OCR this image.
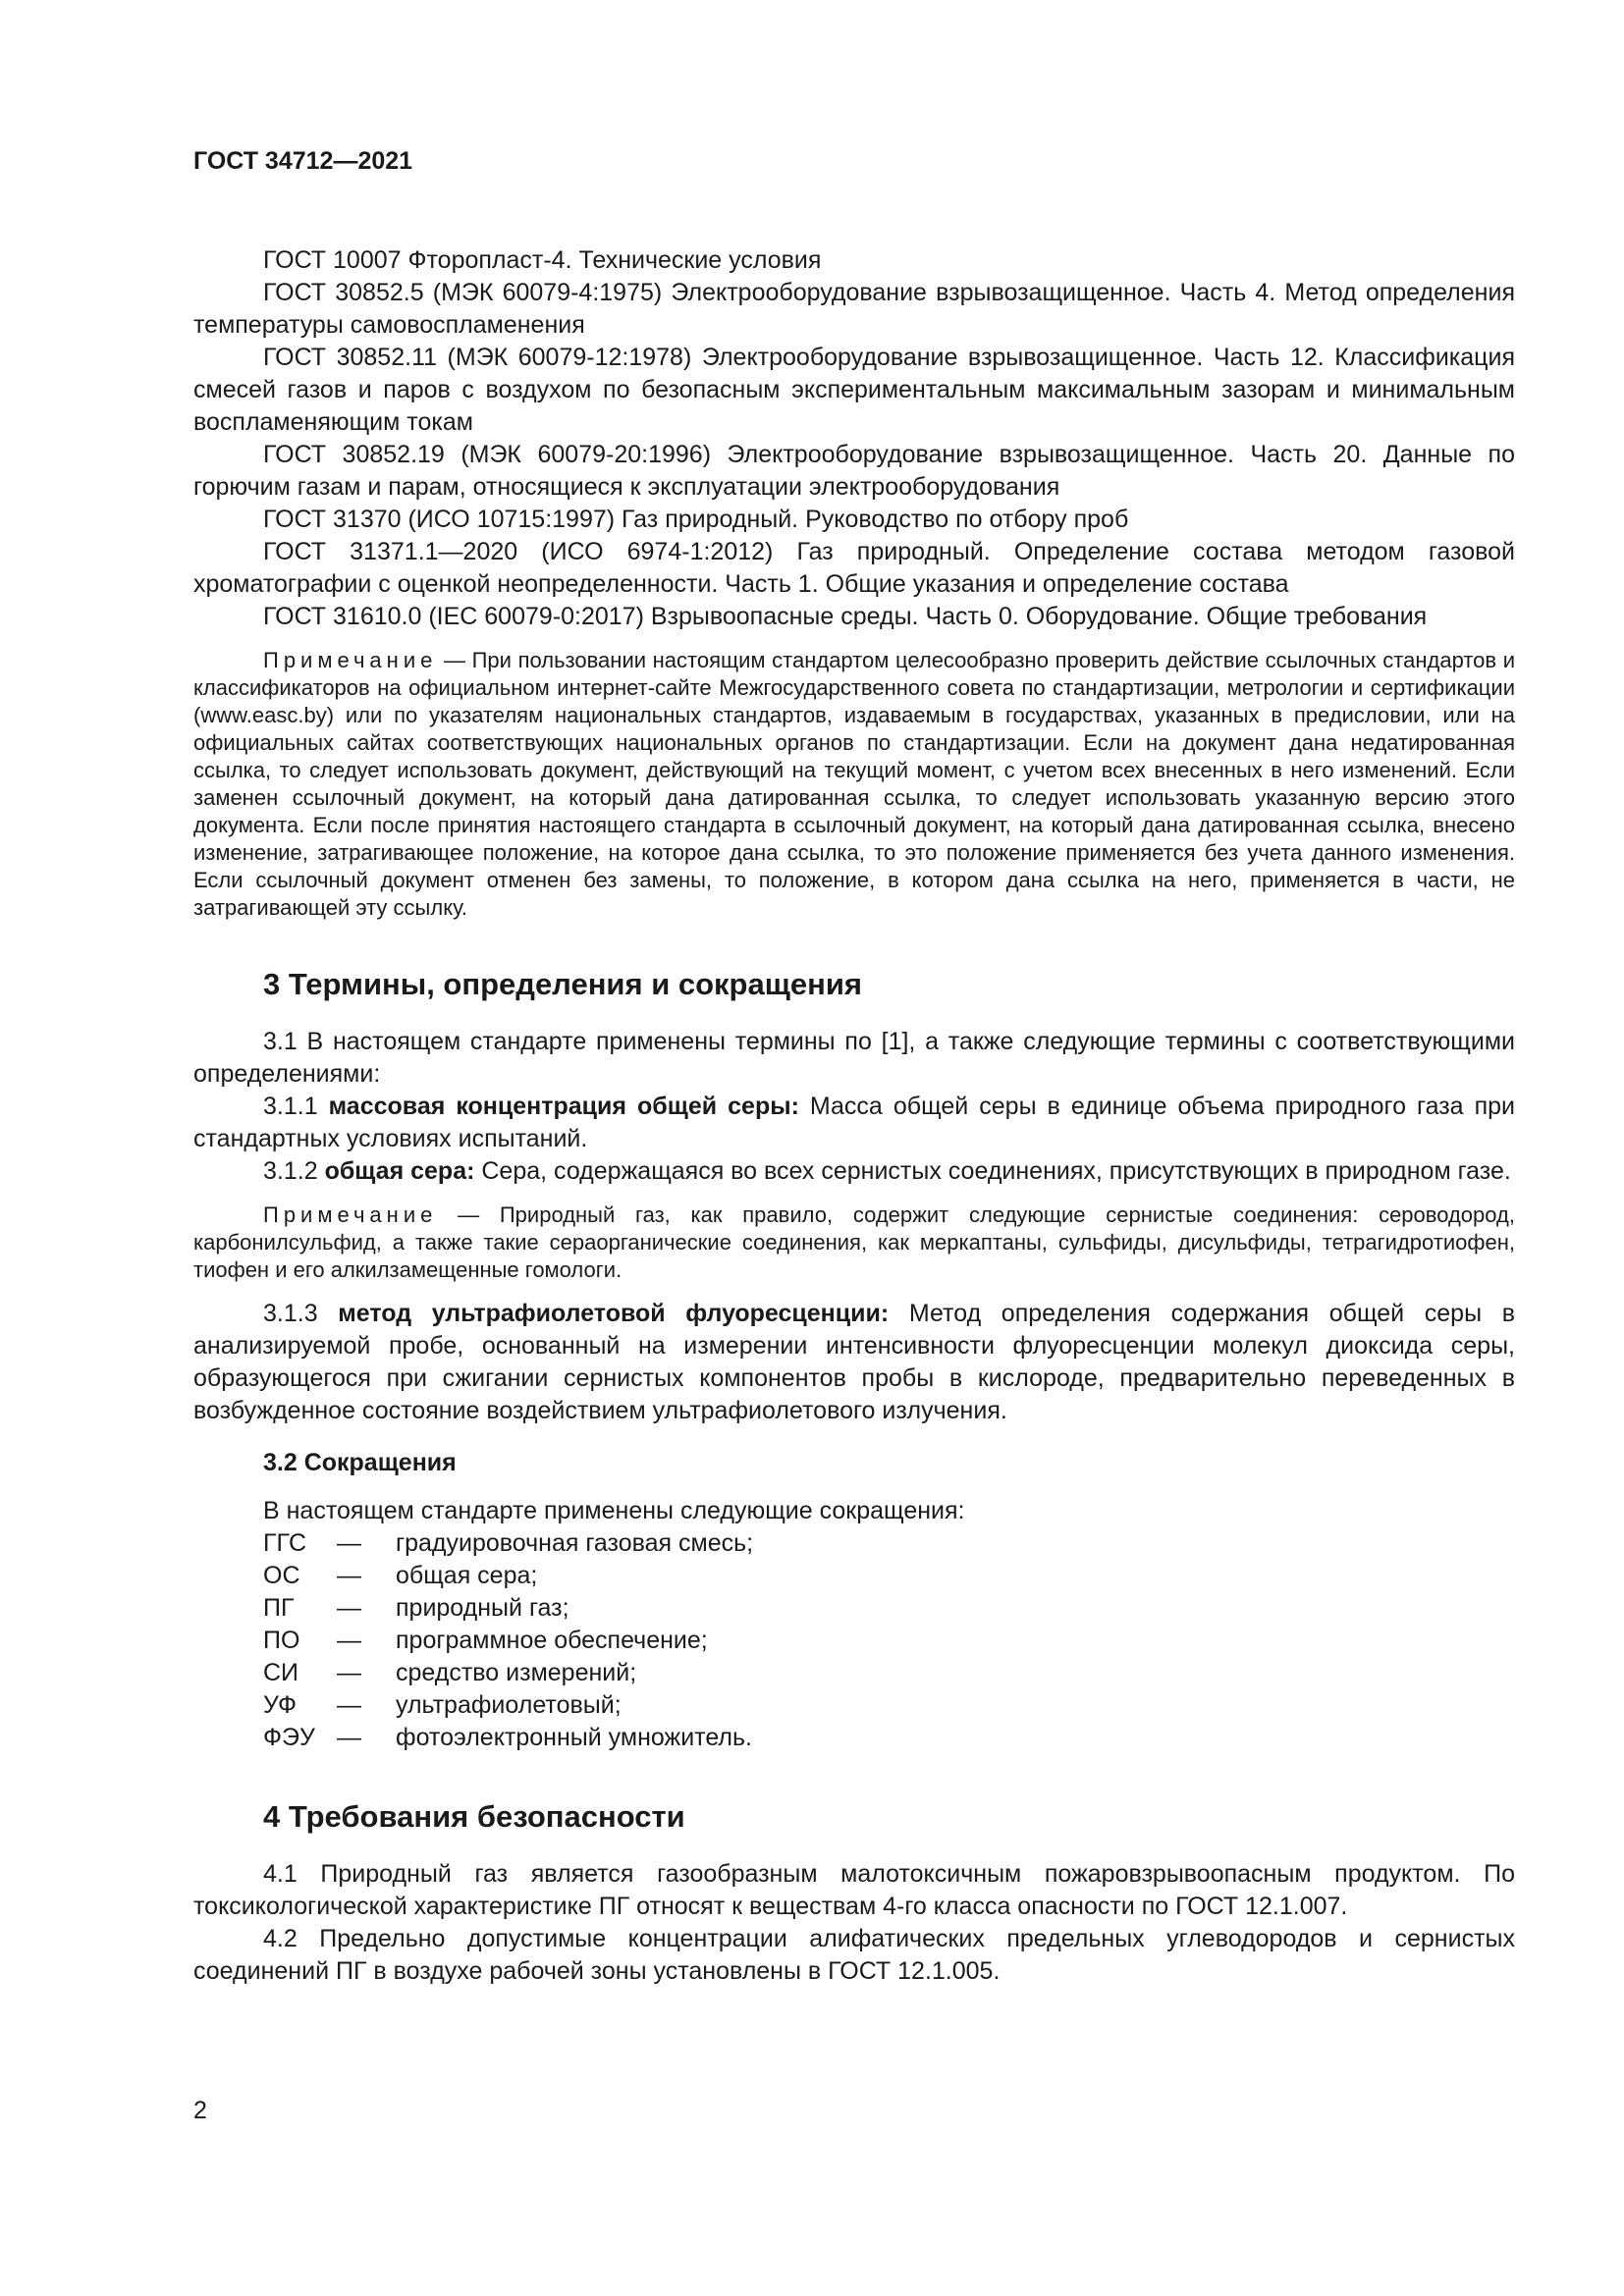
ГОСТ 34712—2021

ГОСТ 10007 Фторопласт-4. Технические условия

ГОСТ 30852.5 (МЭК 60079-4:1975) Электрооборудование взрывозащищенное. Часть 4. Метод определения температуры самовоспламенения

ГОСТ 30852.11 (МЭК 60079-12:1978) Электрооборудование взрывозащищенное. Часть 12. Классификация смесей газов и паров с воздухом по безопасным экспериментальным максимальным зазорам и минимальным воспламеняющим токам

ГОСТ 30852.19 (МЭК 60079-20:1996) Электрооборудование взрывозащищенное. Часть 20. Данные по горючим газам и парам, относящиеся к эксплуатации электрооборудования

ГОСТ 31370 (ИСО 10715:1997) Газ природный. Руководство по отбору проб

ГОСТ 31371.1—2020 (ИСО 6974-1:2012) Газ природный. Определение состава методом газовой хроматографии с оценкой неопределенности. Часть 1. Общие указания и определение состава

ГОСТ 31610.0 (IEC 60079-0:2017) Взрывоопасные среды. Часть 0. Оборудование. Общие требования

Примечание — При пользовании настоящим стандартом целесообразно проверить действие ссылочных стандартов и классификаторов на официальном интернет-сайте Межгосударственного совета по стандартизации, метрологии и сертификации (www.easc.by) или по указателям национальных стандартов, издаваемым в государствах, указанных в предисловии, или на официальных сайтах соответствующих национальных органов по стандартизации. Если на документ дана недатированная ссылка, то следует использовать документ, действующий на текущий момент, с учетом всех внесенных в него изменений. Если заменен ссылочный документ, на который дана датированная ссылка, то следует использовать указанную версию этого документа. Если после принятия настоящего стандарта в ссылочный документ, на который дана датированная ссылка, внесено изменение, затрагивающее положение, на которое дана ссылка, то это положение применяется без учета данного изменения. Если ссылочный документ отменен без замены, то положение, в котором дана ссылка на него, применяется в части, не затрагивающей эту ссылку.

3 Термины, определения и сокращения

3.1 В настоящем стандарте применены термины по [1], а также следующие термины с соответствующими определениями:

3.1.1 массовая концентрация общей серы: Масса общей серы в единице объема природного газа при стандартных условиях испытаний.

3.1.2 общая сера: Сера, содержащаяся во всех сернистых соединениях, присутствующих в природном газе.

Примечание — Природный газ, как правило, содержит следующие сернистые соединения: сероводород, карбонилсульфид, а также такие сераорганические соединения, как меркаптаны, сульфиды, дисульфиды, тетрагидротиофен, тиофен и его алкилзамещенные гомологи.

3.1.3 метод ультрафиолетовой флуоресценции: Метод определения содержания общей серы в анализируемой пробе, основанный на измерении интенсивности флуоресценции молекул диоксида серы, образующегося при сжигании сернистых компонентов пробы в кислороде, предварительно переведенных в возбужденное состояние воздействием ультрафиолетового излучения.

3.2 Сокращения

В настоящем стандарте применены следующие сокращения:

ГГС	—	градуировочная газовая смесь;
ОС	—	общая сера;
ПГ	—	природный газ;
ПО	—	программное обеспечение;
СИ	—	средство измерений;
УФ	—	ультрафиолетовый;
ФЭУ —	фотоэлектронный умножитель.
4 Требования безопасности

4.1 Природный газ является газообразным малотоксичным пожаровзрывоопасным продуктом. По токсикологической характеристике ПГ относят к веществам 4-го класса опасности по ГОСТ 12.1.007.

4.2 Предельно допустимые концентрации алифатических предельных углеводородов и сернистых соединений ПГ в воздухе рабочей зоны установлены в ГОСТ 12.1.005.

2
